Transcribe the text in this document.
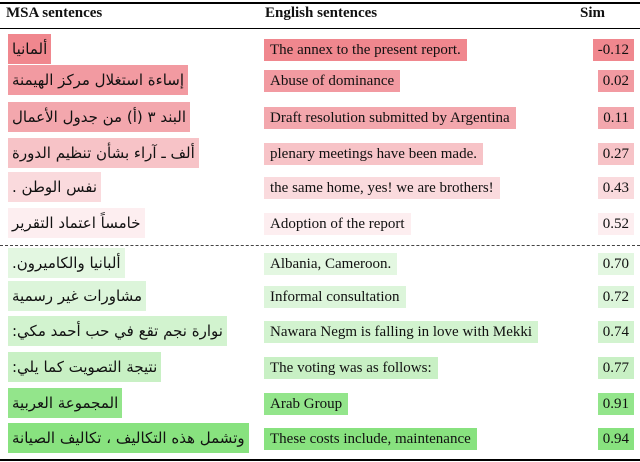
MSA sentences	English sentences	Sim
ألمانيا	The annex to the present report.	-0.12
إساءة استغلال مركز الهيمنة	Abuse of dominance	0.02
البند ٣ (أ) من جدول الأعمال	Draft resolution submitted by Argentina	0.11
ألف ـ آراء بشأن تنظيم الدورة	plenary meetings have been made.	0.27
نفس الوطن .	the same home, yes! we are brothers!	0.43
خامساً اعتماد التقرير	Adoption of the report	0.52
ألبانيا والكاميرون.	Albania, Cameroon.	0.70
مشاورات غير رسمية	Informal consultation	0.72
نوارة نجم تقع في حب أحمد مكي:	Nawara Negm is falling in love with Mekki	0.74
نتيجة التصويت كما يلي:	The voting was as follows:	0.77
المجموعة العربية	Arab Group	0.91
وتشمل هذه التكاليف ، تكاليف الصيانة	These costs include, maintenance	0.94
